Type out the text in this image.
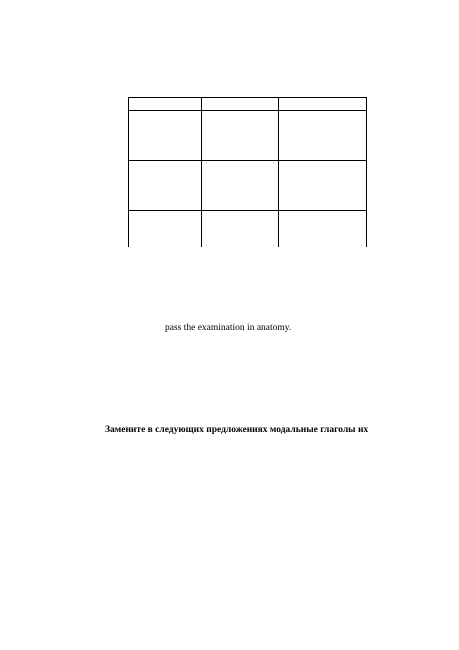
pass the examination in anatomy.
Замените в следующих предложениях модальные глаголы их
